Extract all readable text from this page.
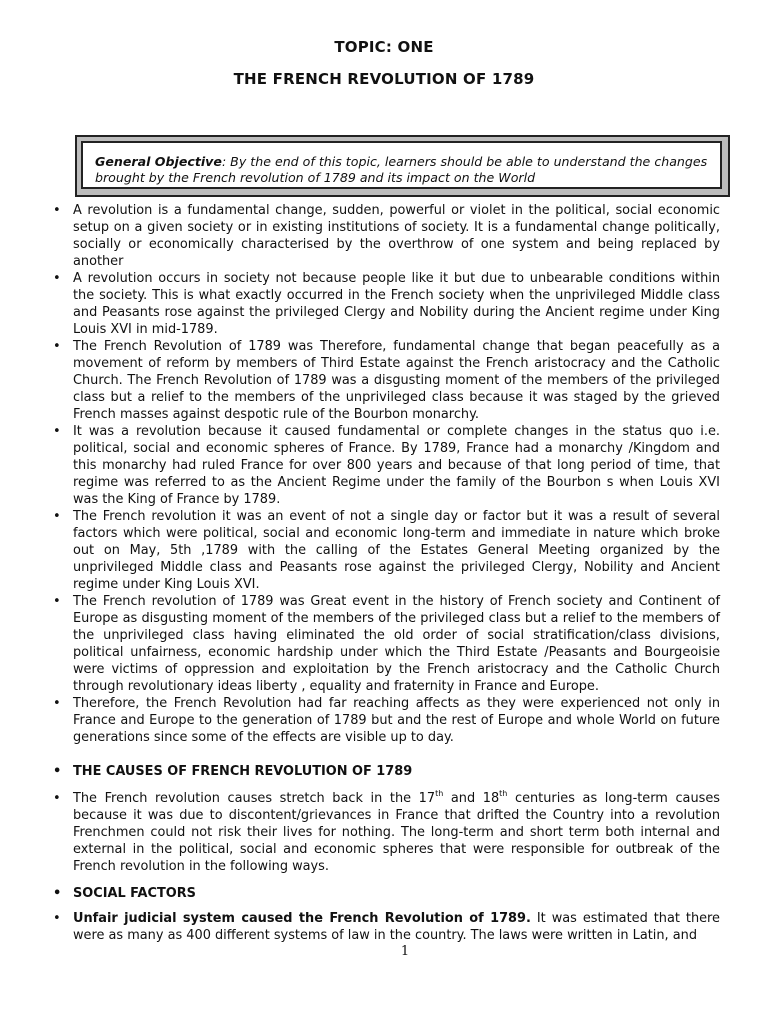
TOPIC: ONE
THE FRENCH REVOLUTION OF 1789
General Objective: By the end of this topic, learners should be able to understand the changes brought by the French revolution of 1789 and its impact on the World
• A revolution is a fundamental change, sudden, powerful or violet in the political, social economic setup on a given society or in existing institutions of society. It is a fundamental change politically, socially or economically characterised by the overthrow of one system and being replaced by another
• A revolution occurs in society not because people like it but due to unbearable conditions within the society. This is what exactly occurred in the French society when the unprivileged Middle class and Peasants rose against the privileged Clergy and Nobility during the Ancient regime under King Louis XVI in mid-1789.
• The French Revolution of 1789 was Therefore, fundamental change that began peacefully as a movement of reform by members of Third Estate against the French aristocracy and the Catholic Church. The French Revolution of 1789 was a disgusting moment of the members of the privileged class but a relief to the members of the unprivileged class because it was staged by the grieved French masses against despotic rule of the Bourbon monarchy.
• It was a revolution because it caused fundamental or complete changes in the status quo i.e. political, social and economic spheres of France. By 1789, France had a monarchy /Kingdom and this monarchy had ruled France for over 800 years and because of that long period of time, that regime was referred to as the Ancient Regime under the family of the Bourbon s when Louis XVI was the King of France by 1789.
• The French revolution it was an event of not a single day or factor but it was a result of several factors which were political, social and economic long-term and immediate in nature which broke out on May, 5th ,1789 with the calling of the Estates General Meeting organized by the unprivileged Middle class and Peasants rose against the privileged Clergy, Nobility and Ancient regime under King Louis XVI.
• The French revolution of 1789 was Great event in the history of French society and Continent of Europe as disgusting moment of the members of the privileged class but a relief to the members of the unprivileged class having eliminated the old order of social stratification/class divisions, political unfairness, economic hardship under which the Third Estate /Peasants and Bourgeoisie were victims of oppression and exploitation by the French aristocracy and the Catholic Church through revolutionary ideas liberty , equality and fraternity in France and Europe.
• Therefore, the French Revolution had far reaching affects as they were experienced not only in France and Europe to the generation of 1789 but and the rest of Europe and whole World on future generations since some of the effects are visible up to day.
• THE CAUSES OF FRENCH REVOLUTION OF 1789
• The French revolution causes stretch back in the 17th and 18th centuries as long-term causes because it was due to discontent/grievances in France that drifted the Country into a revolution Frenchmen could not risk their lives for nothing. The long-term and short term both internal and external in the political, social and economic spheres that were responsible for outbreak of the French revolution in the following ways.
• SOCIAL FACTORS
• Unfair judicial system caused the French Revolution of 1789. It was estimated that there were as many as 400 different systems of law in the country. The laws were written in Latin, and
1
